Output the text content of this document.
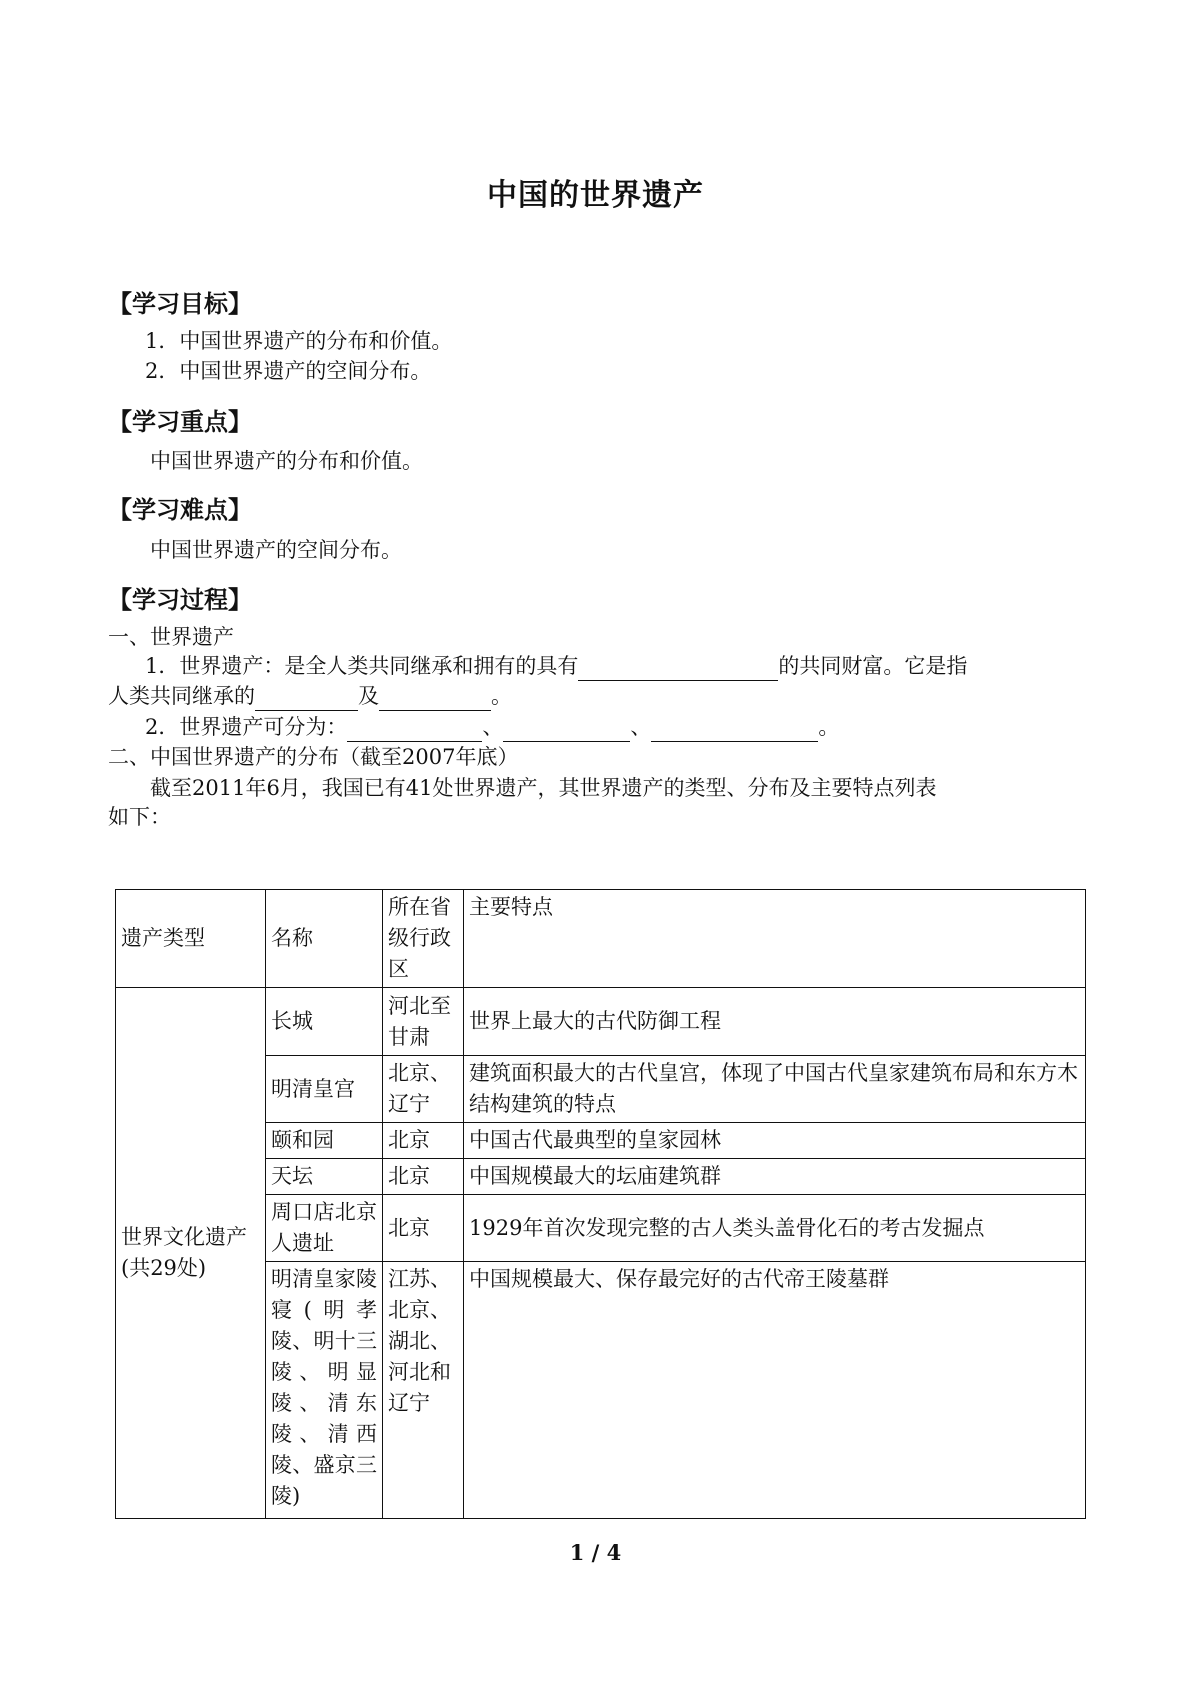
中国的世界遗产
【学习目标】
1．中国世界遗产的分布和价值。
2．中国世界遗产的空间分布。
【学习重点】
中国世界遗产的分布和价值。
【学习难点】
中国世界遗产的空间分布。
【学习过程】
一、世界遗产
1．世界遗产：是全人类共同继承和拥有的具有	的共同财富。它是指
人类共同继承的	及	。
2．世界遗产可分为：	、	、	。
二、中国世界遗产的分布（截至2007年底）
截至2011年6月，我国已有41处世界遗产，其世界遗产的类型、分布及主要特点列表
如下：
遗产类型	名称	所在省级行政区	主要特点
世界文化遗产(共29处)	长城	河北至甘肃	世界上最大的古代防御工程
	明清皇宫	北京、辽宁	建筑面积最大的古代皇宫，体现了中国古代皇家建筑布局和东方木结构建筑的特点
	颐和园	北京	中国古代最典型的皇家园林
	天坛	北京	中国规模最大的坛庙建筑群
	周口店北京人遗址	北京	1929年首次发现完整的古人类头盖骨化石的考古发掘点
	明清皇家陵寝(明孝陵、明十三陵、明显陵、清东陵、清西陵、盛京三陵)	江苏、北京、湖北、河北和辽宁	中国规模最大、保存最完好的古代帝王陵墓群
1 / 4
